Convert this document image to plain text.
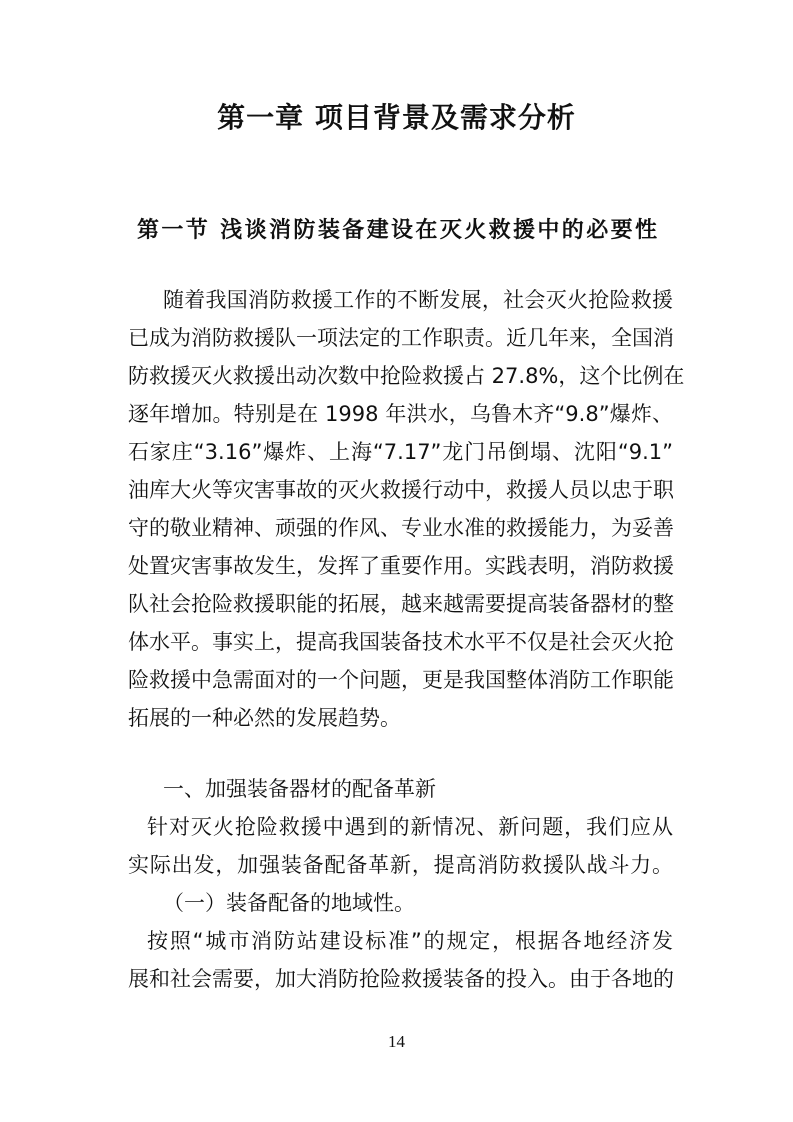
第一章 项目背景及需求分析
第一节 浅谈消防装备建设在灭火救援中的必要性
随着我国消防救援工作的不断发展，社会灭火抢险救援
已成为消防救援队一项法定的工作职责。近几年来，全国消
防救援灭火救援出动次数中抢险救援占 27.8%，这个比例在
逐年增加。特别是在 1998 年洪水，乌鲁木齐“9.8”爆炸、
石家庄“3.16”爆炸、上海“7.17”龙门吊倒塌、沈阳“9.1”
油库大火等灾害事故的灭火救援行动中，救援人员以忠于职
守的敬业精神、顽强的作风、专业水准的救援能力，为妥善
处置灾害事故发生，发挥了重要作用。实践表明，消防救援
队社会抢险救援职能的拓展，越来越需要提高装备器材的整
体水平。事实上，提高我国装备技术水平不仅是社会灭火抢
险救援中急需面对的一个问题，更是我国整体消防工作职能
拓展的一种必然的发展趋势。
一、加强装备器材的配备革新
针对灭火抢险救援中遇到的新情况、新问题，我们应从
实际出发，加强装备配备革新，提高消防救援队战斗力。
（一）装备配备的地域性。
按照“城市消防站建设标准”的规定，根据各地经济发
展和社会需要，加大消防抢险救援装备的投入。由于各地的
14
